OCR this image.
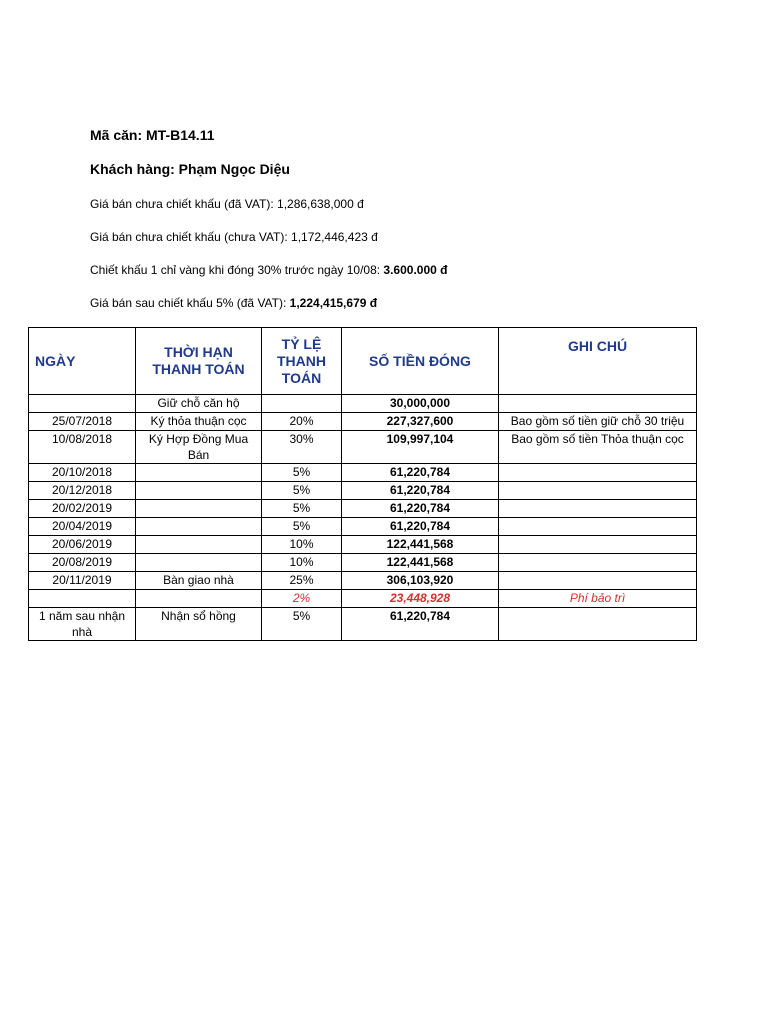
Mã căn: MT-B14.11
Khách hàng: Phạm Ngọc Diệu
Giá bán chưa chiết khấu (đã VAT): 1,286,638,000 đ
Giá bán chưa chiết khấu (chưa VAT): 1,172,446,423 đ
Chiết khấu 1 chỉ vàng khi đóng 30% trước ngày 10/08: 3.600.000 đ
Giá bán sau chiết khấu 5% (đã VAT): 1,224,415,679 đ
NGÀY	THỜI HẠN THANH TOÁN	TỶ LỆ THANH TOÁN	SỐ TIỀN ĐÓNG	GHI CHÚ
	Giữ chỗ căn hộ		30,000,000	
25/07/2018	Ký thỏa thuận cọc	20%	227,327,600	Bao gồm số tiền giữ chỗ 30 triệu
10/08/2018	Ký Hợp Đồng Mua Bán	30%	109,997,104	Bao gồm số tiền Thỏa thuận cọc
20/10/2018		5%	61,220,784	
20/12/2018		5%	61,220,784	
20/02/2019		5%	61,220,784	
20/04/2019		5%	61,220,784	
20/06/2019		10%	122,441,568	
20/08/2019		10%	122,441,568	
20/11/2019	Bàn giao nhà	25%	306,103,920	
		2%	23,448,928	Phí bảo trì
1 năm sau nhận nhà	Nhận sổ hồng	5%	61,220,784	
